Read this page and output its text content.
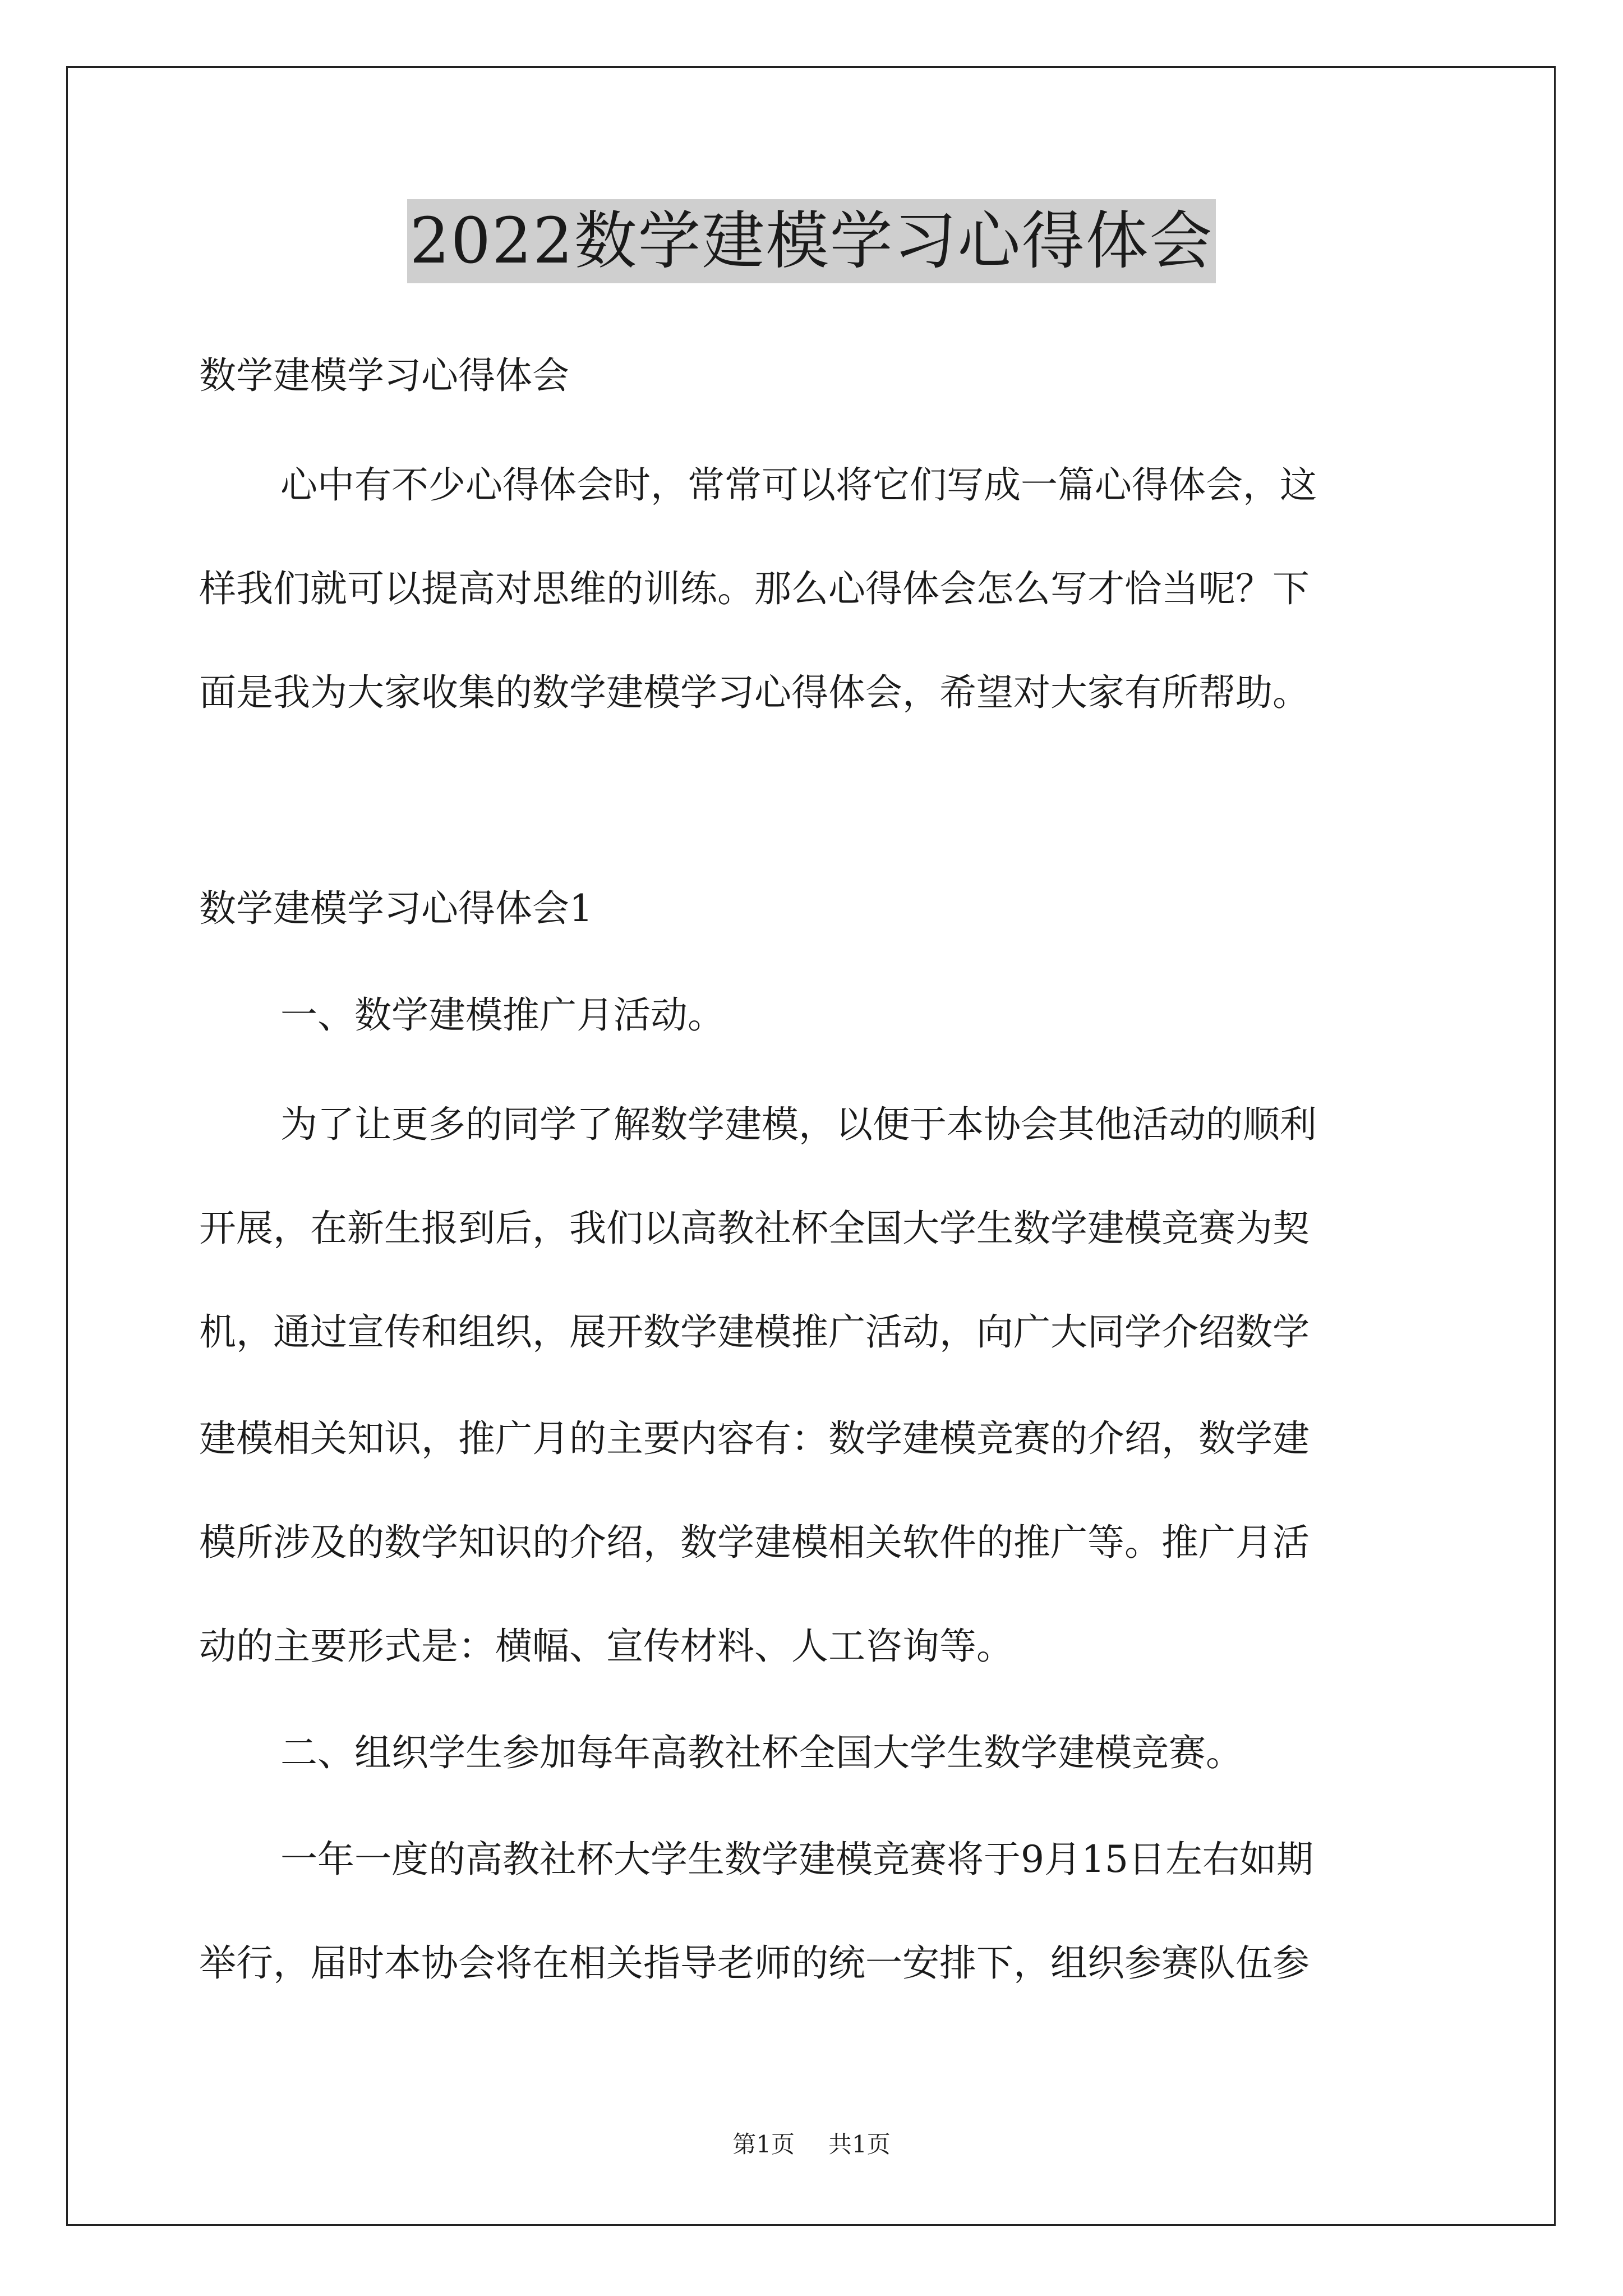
2022数学建模学习心得体会
数学建模学习心得体会
心中有不少心得体会时，常常可以将它们写成一篇心得体会，这
样我们就可以提高对思维的训练。那么心得体会怎么写才恰当呢？下
面是我为大家收集的数学建模学习心得体会，希望对大家有所帮助。
数学建模学习心得体会1
一、数学建模推广月活动。
为了让更多的同学了解数学建模，以便于本协会其他活动的顺利
开展，在新生报到后，我们以高教社杯全国大学生数学建模竞赛为契
机，通过宣传和组织，展开数学建模推广活动，向广大同学介绍数学
建模相关知识，推广月的主要内容有：数学建模竞赛的介绍，数学建
模所涉及的数学知识的介绍，数学建模相关软件的推广等。推广月活
动的主要形式是：横幅、宣传材料、人工咨询等。
二、组织学生参加每年高教社杯全国大学生数学建模竞赛。
一年一度的高教社杯大学生数学建模竞赛将于9月15日左右如期
举行，届时本协会将在相关指导老师的统一安排下，组织参赛队伍参
第1页 共1页
